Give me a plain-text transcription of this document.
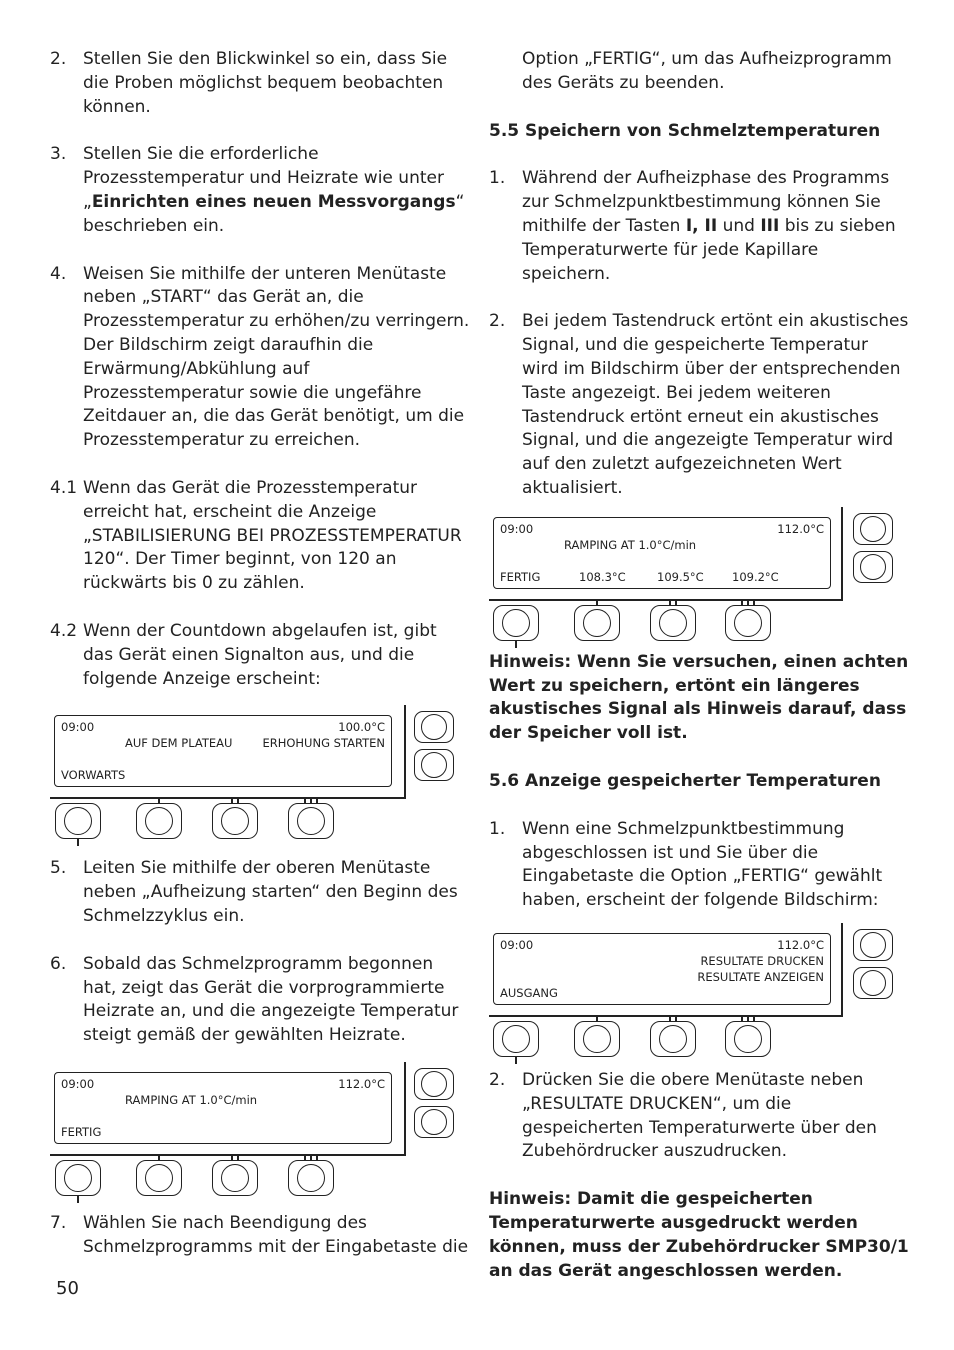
2. Stellen Sie den Blickwinkel so ein, dass Sie die Proben möglichst bequem beobachten können.

3. Stellen Sie die erforderliche Prozesstemperatur und Heizrate wie unter „Einrichten eines neuen Messvorgangs“ beschrieben ein.

4. Weisen Sie mithilfe der unteren Menütaste neben „START“ das Gerät an, die Prozesstemperatur zu erhöhen/zu verringern. Der Bildschirm zeigt daraufhin die Erwärmung/Abkühlung auf Prozesstemperatur sowie die ungefähre Zeitdauer an, die das Gerät benötigt, um die Prozesstemperatur zu erreichen.

4.1 Wenn das Gerät die Prozesstemperatur erreicht hat, erscheint die Anzeige „STABILISIERUNG BEI PROZESSTEMPERATUR 120“. Der Timer beginnt, von 120 an rückwärts bis 0 zu zählen.

4.2 Wenn der Countdown abgelaufen ist, gibt das Gerät einen Signalton aus, und die folgende Anzeige erscheint:

09:00	100.0°C
AUF DEM PLATEAU	ERHOHUNG STARTEN
VORWARTS
5. Leiten Sie mithilfe der oberen Menütaste neben „Aufheizung starten“ den Beginn des Schmelzzyklus ein.

6. Sobald das Schmelzprogramm begonnen hat, zeigt das Gerät die vorprogrammierte Heizrate an, und die angezeigte Temperatur steigt gemäß der gewählten Heizrate.

09:00	112.0°C
RAMPING AT 1.0°C/min
FERTIG
7. Wählen Sie nach Beendigung des Schmelzprogramms mit der Eingabetaste die

Option „FERTIG“, um das Aufheizprogramm des Geräts zu beenden.

5.5 Speichern von Schmelztemperaturen

1. Während der Aufheizphase des Programms zur Schmelzpunktbestimmung können Sie mithilfe der Tasten I, II und III bis zu sieben Temperaturwerte für jede Kapillare speichern.

2. Bei jedem Tastendruck ertönt ein akustisches Signal, und die gespeicherte Temperatur wird im Bildschirm über der entsprechenden Taste angezeigt. Bei jedem weiteren Tastendruck ertönt erneut ein akustisches Signal, und die angezeigte Temperatur wird auf den zuletzt aufgezeichneten Wert aktualisiert.

09:00	112.0°C
RAMPING AT 1.0°C/min
FERTIG	108.3°C	109.5°C 109.2°C

Hinweis: Wenn Sie versuchen, einen achten Wert zu speichern, ertönt ein längeres akustisches Signal als Hinweis darauf, dass der Speicher voll ist.

5.6 Anzeige gespeicherter Temperaturen

1. Wenn eine Schmelzpunktbestimmung abgeschlossen ist und Sie über die Eingabetaste die Option „FERTIG“ gewählt haben, erscheint der folgende Bildschirm:

09:00	112.0°C
RESULTATE DRUCKEN
RESULTATE ANZEIGEN
AUSGANG
2. Drücken Sie die obere Menütaste neben „RESULTATE DRUCKEN“, um die gespeicherten Temperaturwerte über den Zubehördrucker auszudrucken.

Hinweis: Damit die gespeicherten Temperaturwerte ausgedruckt werden können, muss der Zubehördrucker SMP30/1 an das Gerät angeschlossen werden.

50
